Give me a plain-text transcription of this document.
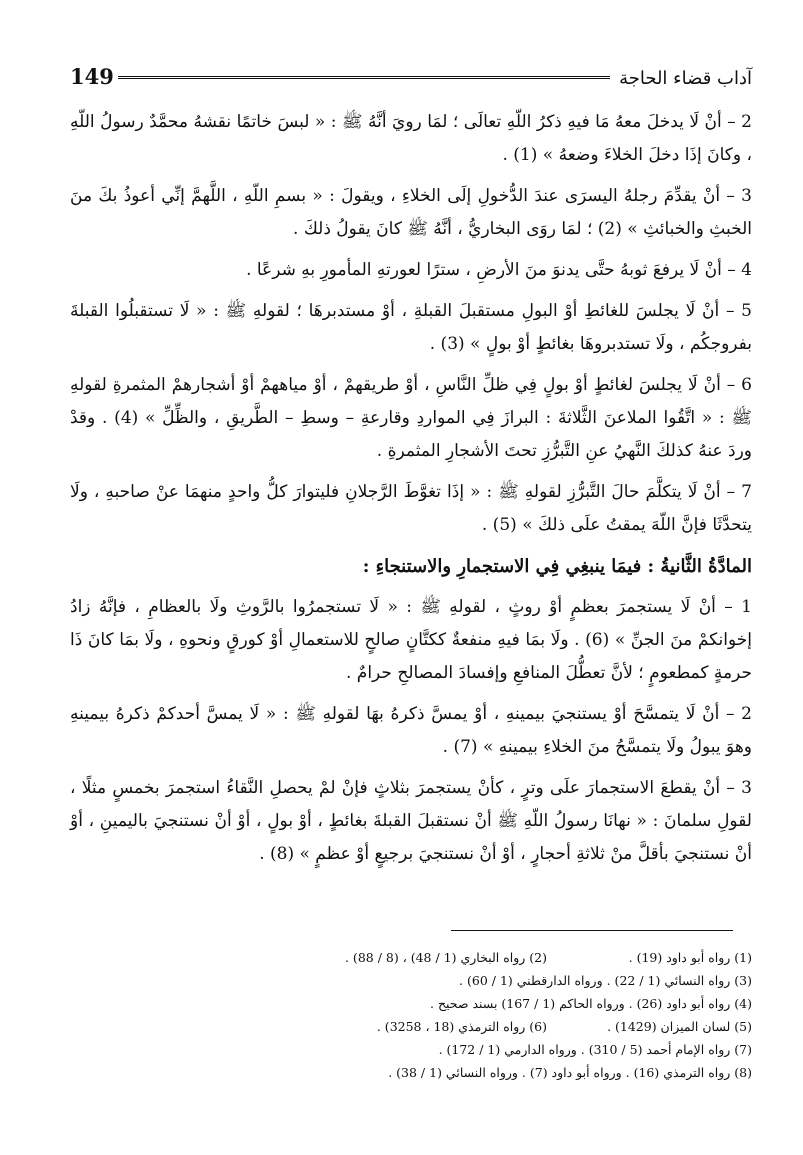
149	آداب قضاء الحاجة

2 – أنْ لَا يدخلَ معهُ مَا فيهِ ذكرُ اللّهِ تعالَى ؛ لمَا رويَ أنَّهُ ﷺ : « لبسَ خاتمًا نقشهُ محمَّدٌ رسولُ اللّهِ ، وكانَ إذَا دخلَ الخلاءَ وضعهُ » (1) .

3 – أنْ يقدِّمَ رجلهُ اليسرَى عندَ الدُّخولِ إلَى الخلاءِ ، ويقولَ : « بسمِ اللّهِ ، اللَّهمَّ إنِّي أعوذُ بكَ منَ الخبثِ والخبائثِ » (2) ؛ لمَا روَى البخاريُّ ، أنَّهُ ﷺ كانَ يقولُ ذلكَ .

4 – أنْ لَا يرفعَ ثوبهُ حتَّى يدنوَ منَ الأرضِ ، سترًا لعورتهِ المأمورِ بهِ شرعًا .

5 – أنْ لَا يجلسَ للغائطِ أوْ البولِ مستقبلَ القبلةِ ، أوْ مستدبرهَا ؛ لقولهِ ﷺ : « لَا تستقبلُوا القبلةَ بفروجكُم ، ولَا تستدبروهَا بغائطٍ أوْ بولٍ » (3) .

6 – أنْ لَا يجلسَ لغائطٍ أوْ بولٍ فِي ظلِّ النَّاسِ ، أوْ طريقهمْ ، أوْ مياههمْ أوْ أشجارهمْ المثمرةِ لقولهِ ﷺ : « اتَّقُوا الملاعنَ الثَّلاثةَ : البرازَ فِي المواردِ وقارعةِ – وسطِ – الطَّريقِ ، والظِّلِّ » (4) . وقدْ وردَ عنهُ كذلكَ النَّهيُ عنِ التَّبرُّزِ تحتَ الأشجارِ المثمرةِ .

7 – أنْ لَا يتكلَّمَ حالَ التَّبرُّزِ لقولهِ ﷺ : « إذَا تغوَّطَ الرَّجلانِ فليتوارَ كلُّ واحدٍ منهمَا عنْ صاحبهِ ، ولَا يتحدَّثَا فإنَّ اللّهَ يمقتُ علَى ذلكَ » (5) .

المادَّةُ الثَّانيةُ : فيمَا ينبغِي فِي الاستجمارِ والاستنجاءِ :

1 – أنْ لَا يستجمرَ بعظمٍ أوْ روثٍ ، لقولهِ ﷺ : « لَا تستجمرُوا بالرَّوثِ ولَا بالعظامِ ، فإنَّهُ زادُ إخوانكمْ منَ الجنِّ » (6) . ولَا بمَا فيهِ منفعةٌ ككتَّانٍ صالحٍ للاستعمالِ أوْ كورقٍ ونحوهِ ، ولَا بمَا كانَ ذَا حرمةٍ كمطعومٍ ؛ لأنَّ تعطُّلَ المنافعِ وإفسادَ المصالحِ حرامٌ .

2 – أنْ لَا يتمسَّحَ أوْ يستنجيَ بيمينهِ ، أوْ يمسَّ ذكرهُ بهَا لقولهِ ﷺ : « لَا يمسَّ أحدكمْ ذكرهُ بيمينهِ وهوَ يبولُ ولَا يتمسَّحُ منَ الخلاءِ بيمينهِ » (7) .

3 – أنْ يقطعَ الاستجمارَ علَى وترٍ ، كأنْ يستجمرَ بثلاثٍ فإنْ لمْ يحصلِ النَّقاءُ استجمرَ بخمسٍ مثلًا ، لقولِ سلمانَ : « نهانَا رسولُ اللّهِ ﷺ أنْ نستقبلَ القبلةَ بغائطٍ ، أوْ بولٍ ، أوْ أنْ نستنجيَ باليمينِ ، أوْ أنْ نستنجيَ بأقلَّ منْ ثلاثةِ أحجارٍ ، أوْ أنْ نستنجيَ برجيعٍ أوْ عظمٍ » (8) .

(1) رواه أبو داود (19) .
(2) رواه البخاري (1 / 48) ، (8 / 88) .
(3) رواه النسائي (1 / 22) . ورواه الدارقطني (1 / 60) .
(4) رواه أبو داود (26) . ورواه الحاكم (1 / 167) بسند صحيح .
(5) لسان الميزان (1429) .
(6) رواه الترمذي (18 ، 3258) .
(7) رواه الإمام أحمد (5 / 310) . ورواه الدارمي (1 / 172) .
(8) رواه الترمذي (16) . ورواه أبو داود (7) . ورواه النسائي (1 / 38) .
